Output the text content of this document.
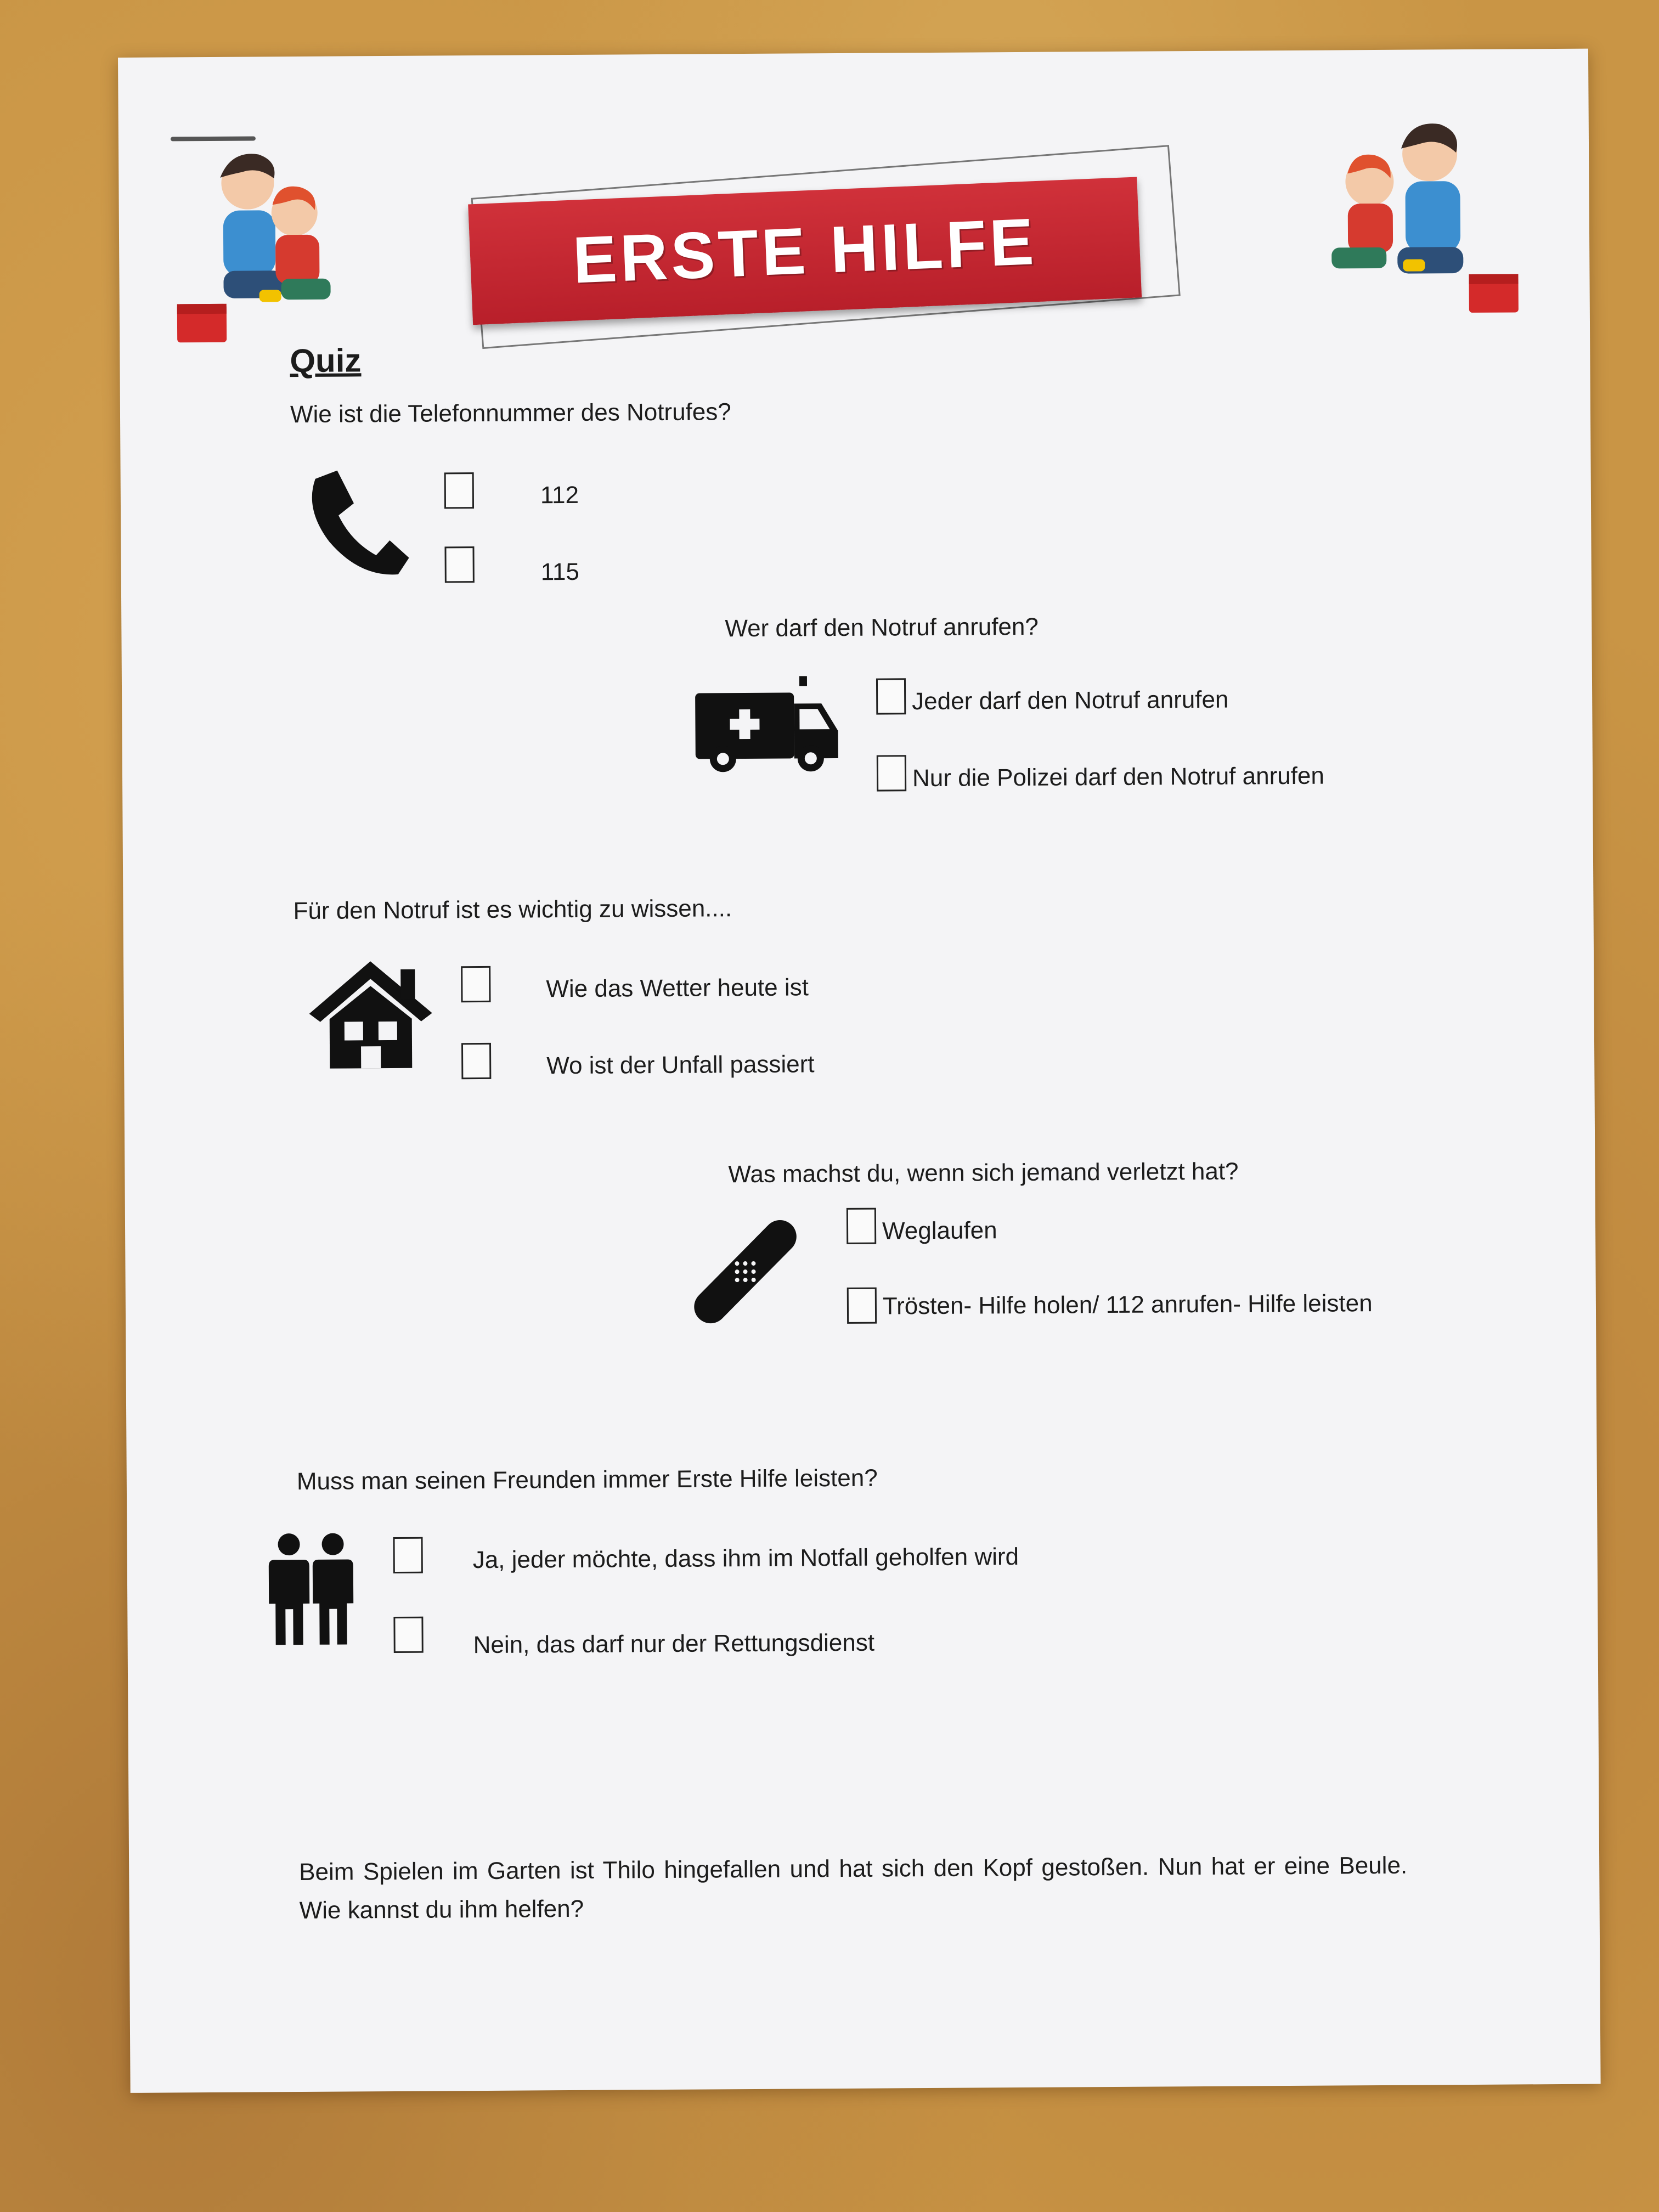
ERSTE HILFE
Quiz
Wie ist die Telefonnummer des Notrufes?
112
115
Wer darf den Notruf anrufen?
Jeder darf den Notruf anrufen
Nur die Polizei darf den Notruf anrufen
Für den Notruf ist es wichtig zu wissen....
Wie das Wetter heute ist
Wo ist der Unfall passiert
Was machst du, wenn sich jemand verletzt hat?
Weglaufen
Trösten- Hilfe holen/ 112 anrufen- Hilfe leisten
Muss man seinen Freunden immer Erste Hilfe leisten?
Ja, jeder möchte, dass ihm im Notfall geholfen wird
Nein, das darf nur der Rettungsdienst
Beim Spielen im Garten ist Thilo hingefallen und hat sich den Kopf gestoßen. Nun hat er eine Beule. Wie kannst du ihm helfen?
